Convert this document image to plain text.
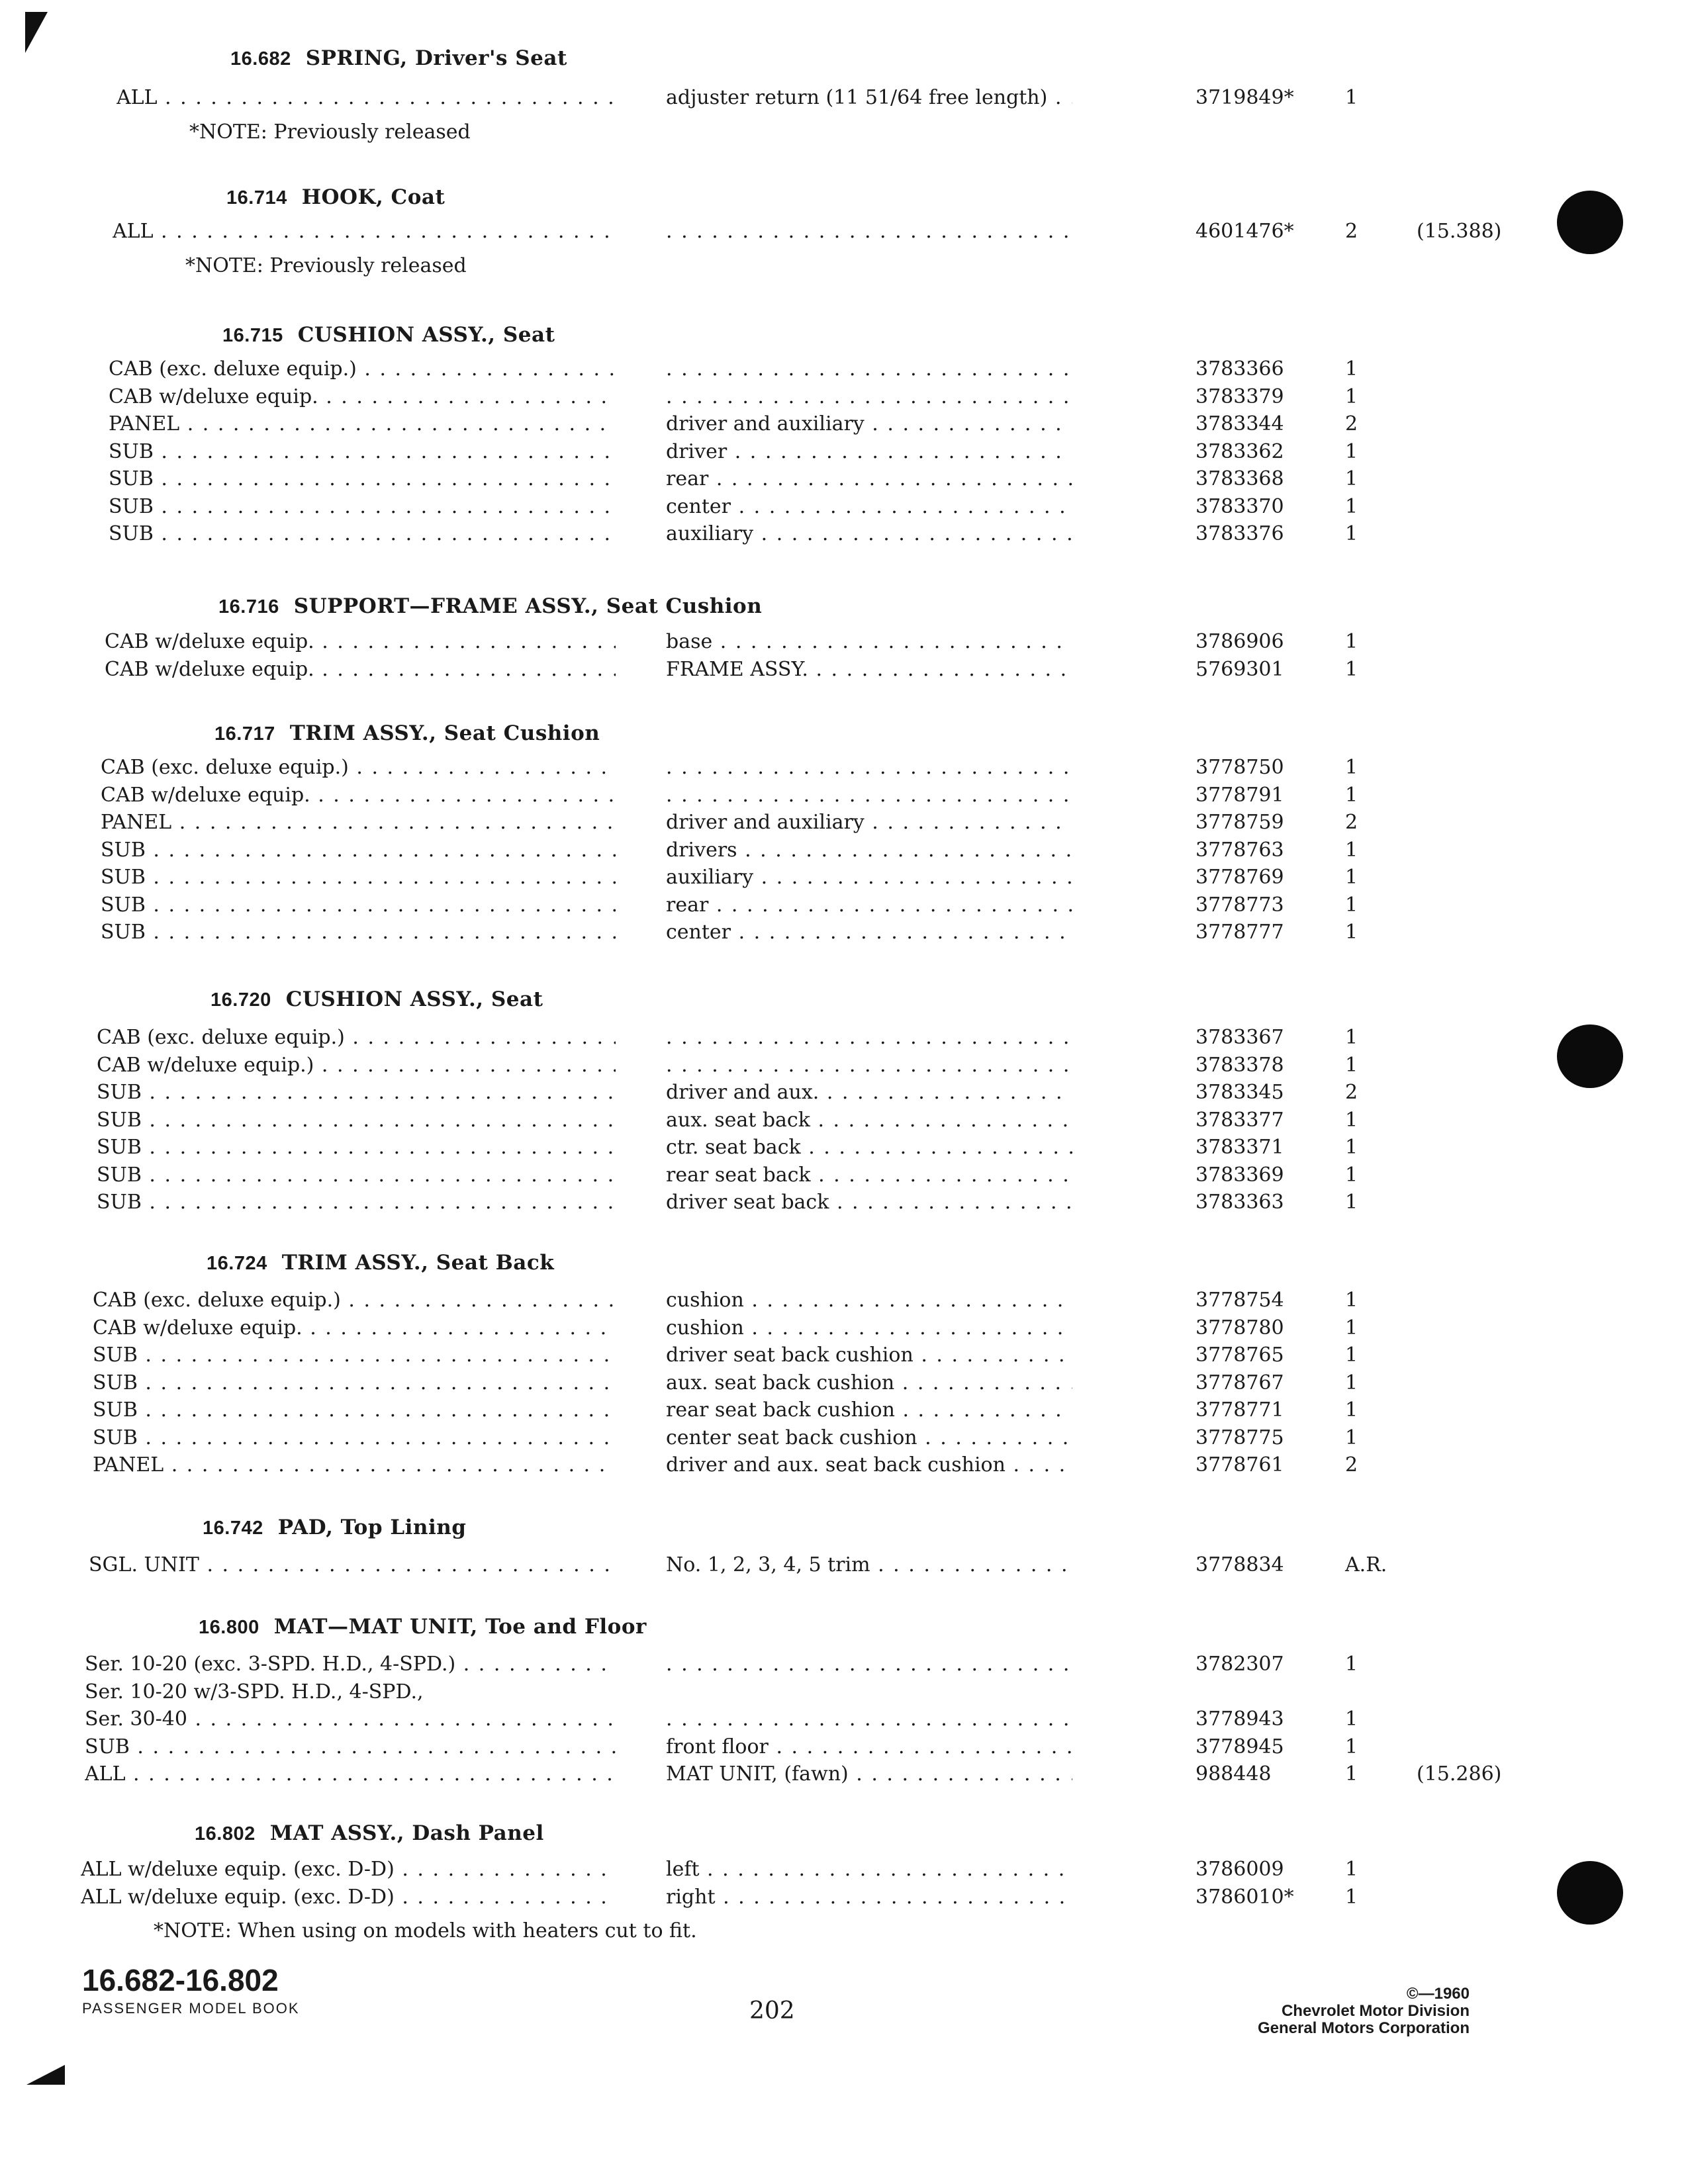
16.682 SPRING, Driver's Seat
ALL . . .	adjuster return (11 51/64 free length) . . .	3719849*	1
*NOTE: Previously released
16.714 HOOK, Coat
ALL . . . . . .	4601476*	2	(15.388)
*NOTE: Previously released
16.715 CUSHION ASSY., Seat
CAB (exc. deluxe equip.) . . . . . .	3783366	1
CAB w/deluxe equip. . . . . . .	3783379	1
PANEL . . .	driver and auxiliary . . .	3783344	2
SUB . . .	driver . . .	3783362	1
SUB . . .	rear . . .	3783368	1
SUB . . .	center . . .	3783370	1
SUB . . .	auxiliary . . .	3783376	1
16.716 SUPPORT—FRAME ASSY., Seat Cushion
CAB w/deluxe equip. . . .	base . . .	3786906	1
CAB w/deluxe equip. . . .	FRAME ASSY. . . .	5769301	1
16.717 TRIM ASSY., Seat Cushion
CAB (exc. deluxe equip.) . . . . . .	3778750	1
CAB w/deluxe equip. . . . . . .	3778791	1
PANEL . . .	driver and auxiliary . . .	3778759	2
SUB . . .	drivers . . .	3778763	1
SUB . . .	auxiliary . . .	3778769	1
SUB . . .	rear . . .	3778773	1
SUB . . .	center . . .	3778777	1
16.720 CUSHION ASSY., Seat
CAB (exc. deluxe equip.) . . . . . .	3783367	1
CAB w/deluxe equip.) . . . . . .	3783378	1
SUB . . .	driver and aux. . . .	3783345	2
SUB . . .	aux. seat back . . .	3783377	1
SUB . . .	ctr. seat back . . .	3783371	1
SUB . . .	rear seat back . . .	3783369	1
SUB . . .	driver seat back . . .	3783363	1
16.724 TRIM ASSY., Seat Back
CAB (exc. deluxe equip.) . . .	cushion . . .	3778754	1
CAB w/deluxe equip. . . .	cushion . . .	3778780	1
SUB . . .	driver seat back cushion . . .	3778765	1
SUB . . .	aux. seat back cushion . . .	3778767	1
SUB . . .	rear seat back cushion . . .	3778771	1
SUB . . .	center seat back cushion . . .	3778775	1
PANEL . . .	driver and aux. seat back cushion . . .	3778761	2
16.742 PAD, Top Lining
SGL. UNIT . . .	No. 1, 2, 3, 4, 5 trim . . .	3778834	A.R.
16.800 MAT—MAT UNIT, Toe and Floor
Ser. 10-20 (exc. 3-SPD. H.D., 4-SPD.) . . . . . .	3782307	1
Ser. 10-20 w/3-SPD. H.D., 4-SPD.,
Ser. 30-40 . . . . . .	3778943	1
SUB . . .	front floor . . .	3778945	1
ALL . . .	MAT UNIT, (fawn) . . .	988448	1	(15.286)
16.802 MAT ASSY., Dash Panel
ALL w/deluxe equip. (exc. D-D) . . .	left . . .	3786009	1
ALL w/deluxe equip. (exc. D-D) . . .	right . . .	3786010*	1
*NOTE: When using on models with heaters cut to fit.
16.682-16.802
PASSENGER MODEL BOOK	202
©—1960
Chevrolet Motor Division
General Motors Corporation
